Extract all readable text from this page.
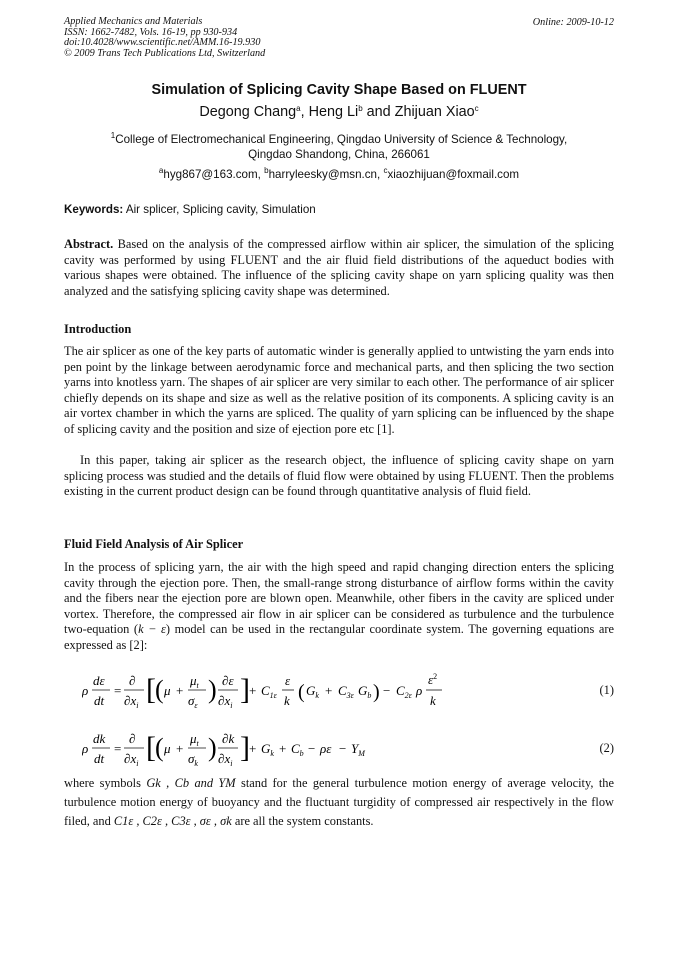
Applied Mechanics and Materials
ISSN: 1662-7482, Vols. 16-19, pp 930-934
doi:10.4028/www.scientific.net/AMM.16-19.930
© 2009 Trans Tech Publications Ltd, Switzerland
Online: 2009-10-12
Simulation of Splicing Cavity Shape Based on FLUENT
Degong Chang$^a$, Heng Li$^b$ and Zhijuan Xiao$^c$
$^1$College of Electromechanical Engineering, Qingdao University of Science & Technology, Qingdao Shandong, China, 266061
$^a$hyg867@163.com, $^b$harryleesky@msn.cn, $^c$xiaozhijuan@foxmail.com
Keywords: Air splicer, Splicing cavity, Simulation
Abstract. Based on the analysis of the compressed airflow within air splicer, the simulation of the splicing cavity was performed by using FLUENT and the air fluid field distributions of the aqueduct bodies with various shapes were obtained. The influence of the splicing cavity shape on yarn splicing quality was then analyzed and the satisfying splicing cavity shape was determined.
Introduction
The air splicer as one of the key parts of automatic winder is generally applied to untwisting the yarn ends into pen point by the linkage between aerodynamic force and mechanical parts, and then splicing the two section yarns into knotless yarn. The shapes of air splicer are very similar to each other. The performance of air splicer chiefly depends on its shape and size as well as the relative position of its components. A splicing cavity is an air vortex chamber in which the yarns are spliced. The quality of yarn splicing can be influenced by the shape of splicing cavity and the position and size of ejection pore etc [1].
In this paper, taking air splicer as the research object, the influence of splicing cavity shape on yarn splicing process was studied and the details of fluid flow were obtained by using FLUENT. Then the problems existing in the current product design can be found through quantitative analysis of fluid field.
Fluid Field Analysis of Air Splicer
In the process of splicing yarn, the air with the high speed and rapid changing direction enters the splicing cavity through the ejection pore. Then, the small-range strong disturbance of airflow forms within the cavity and the fibers near the ejection pore are blown open. Meanwhile, other fibers in the cavity are spliced under vortex. Therefore, the compressed air flow in air splicer can be considered as turbulence and the turbulence two-equation (k − ε) model can be used in the rectangular coordinate system. The governing equations are expressed as [2]:
ρ
dε
dt
=
∂
$\partial x_i$ [ ( μ +
$\mu_t$
$\sigma_\varepsilon$
) ∂ε
$\partial x_i$ ] + $C_{1\varepsilon}$
ε
k ( $G_k + C_{3\varepsilon}$ $G_b$ ) − $C_{2\varepsilon}$ ρ
$\varepsilon^2$
k
(1)
ρ
dk
dt
=
∂
$\partial x_i$ [ ( μ +
$\mu_t$
$\sigma_k$
) ∂k
$\partial x_i$ ] + $G_k + C_b - \rho\varepsilon - Y_M$	(2)
where symbols Gk , Cb and YM stand for the general turbulence motion energy of average velocity, the turbulence motion energy of buoyancy and the fluctuant turgidity of compressed air respectively in the flow filed, and C1ε , C2ε , C3ε , σε , σk are all the system constants.
